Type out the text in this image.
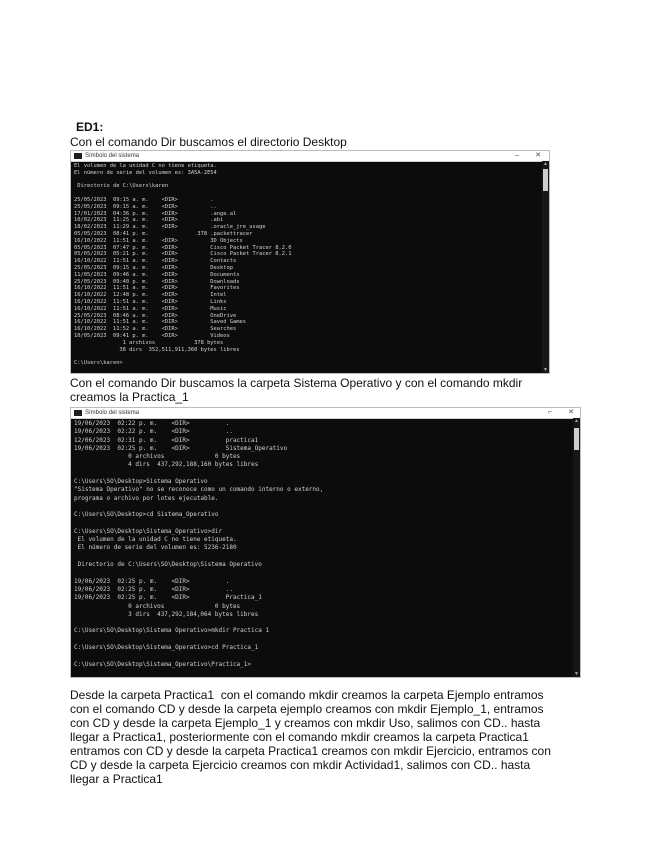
ED1:
Con el comando Dir buscamos el directorio Desktop
Símbolo del sistema	– ✕
El volumen de la unidad C no tiene etiqueta.
El número de serie del volumen es: 3A5A-2E54

Directorio de C:\Users\karen

25/05/2023  09:15 a. m.    <DIR>          .
25/05/2023  09:15 a. m.    <DIR>          ..
17/01/2023  04:36 p. m.    <DIR>          .ange.al
10/02/2023  11:25 a. m.    <DIR>          .abi
18/02/2023  11:29 a. m.    <DIR>          .oracle_jre_usage
05/05/2023  08:41 p. m.               378 .packettracer
16/10/2022  11:51 a. m.    <DIR>          3D Objects
05/05/2023  07:47 p. m.    <DIR>          Cisco Packet Tracer 8.2.0
05/05/2023  05:21 p. m.    <DIR>          Cisco Packet Tracer 8.2.1
16/10/2022  11:51 a. m.    <DIR>          Contacts
25/05/2023  09:15 a. m.    <DIR>          Desktop
11/05/2023  09:46 a. m.    <DIR>          Documents
25/05/2023  09:40 p. m.    <DIR>          Downloads
16/10/2022  11:51 a. m.    <DIR>          Favorites
16/10/2022  12:48 p. m.    <DIR>          Intel
16/10/2022  11:51 a. m.    <DIR>          Links
16/10/2022  11:51 a. m.    <DIR>          Music
25/05/2023  08:46 a. m.    <DIR>          OneDrive
16/10/2022  11:51 a. m.    <DIR>          Saved Games
16/10/2022  11:52 a. m.    <DIR>          Searches
10/05/2023  09:41 p. m.    <DIR>          Videos
1 archivos            378 bytes
38 dirs  352,511,911,360 bytes libres

C:\Users\karen>
▲
▼
Con el comando Dir buscamos la carpeta Sistema Operativo y con el comando mkdir
creamos la Practica_1
Símbolo del sistema	⌐ ✕
19/06/2023  02:22 p. m.    <DIR>          .
19/06/2023  02:22 p. m.    <DIR>          ..
12/06/2023  02:31 p. m.    <DIR>          practica1
19/06/2023  02:25 p. m.    <DIR>          Sistema_Operativo
0 archivos              0 bytes
4 dirs  437,292,188,160 bytes libres

C:\Users\SO\Desktop>Sistema Operativo
"Sistema Operativo" no se reconoce como un comando interno o externo,
programa o archivo por lotes ejecutable.

C:\Users\SO\Desktop>cd Sistema_Operativo

C:\Users\SO\Desktop\Sistema_Operativo>dir
El volumen de la unidad C no tiene etiqueta.
El número de serie del volumen es: 5236-2180

Directorio de C:\Users\SO\Desktop\Sistema Operativo

19/06/2023  02:25 p. m.    <DIR>          .
19/06/2023  02:25 p. m.    <DIR>          ..
19/06/2023  02:25 p. m.    <DIR>          Practica_1
0 archivos              0 bytes
3 dirs  437,292,184,064 bytes libres

C:\Users\SO\Desktop\Sistema Operativo>mkdir Practica 1

C:\Users\SO\Desktop\Sistema_Operativo>cd Practica_1

C:\Users\SO\Desktop\Sistema_Operativo\Practica_1>
▲
▼
Desde la carpeta Practica1  con el comando mkdir creamos la carpeta Ejemplo entramos
con el comando CD y desde la carpeta ejemplo creamos con mkdir Ejemplo_1, entramos
con CD y desde la carpeta Ejemplo_1 y creamos con mkdir Uso, salimos con CD.. hasta
llegar a Practica1, posteriormente con el comando mkdir creamos la carpeta Practica1
entramos con CD y desde la carpeta Practica1 creamos con mkdir Ejercicio, entramos con
CD y desde la carpeta Ejercicio creamos con mkdir Actividad1, salimos con CD.. hasta
llegar a Practica1
